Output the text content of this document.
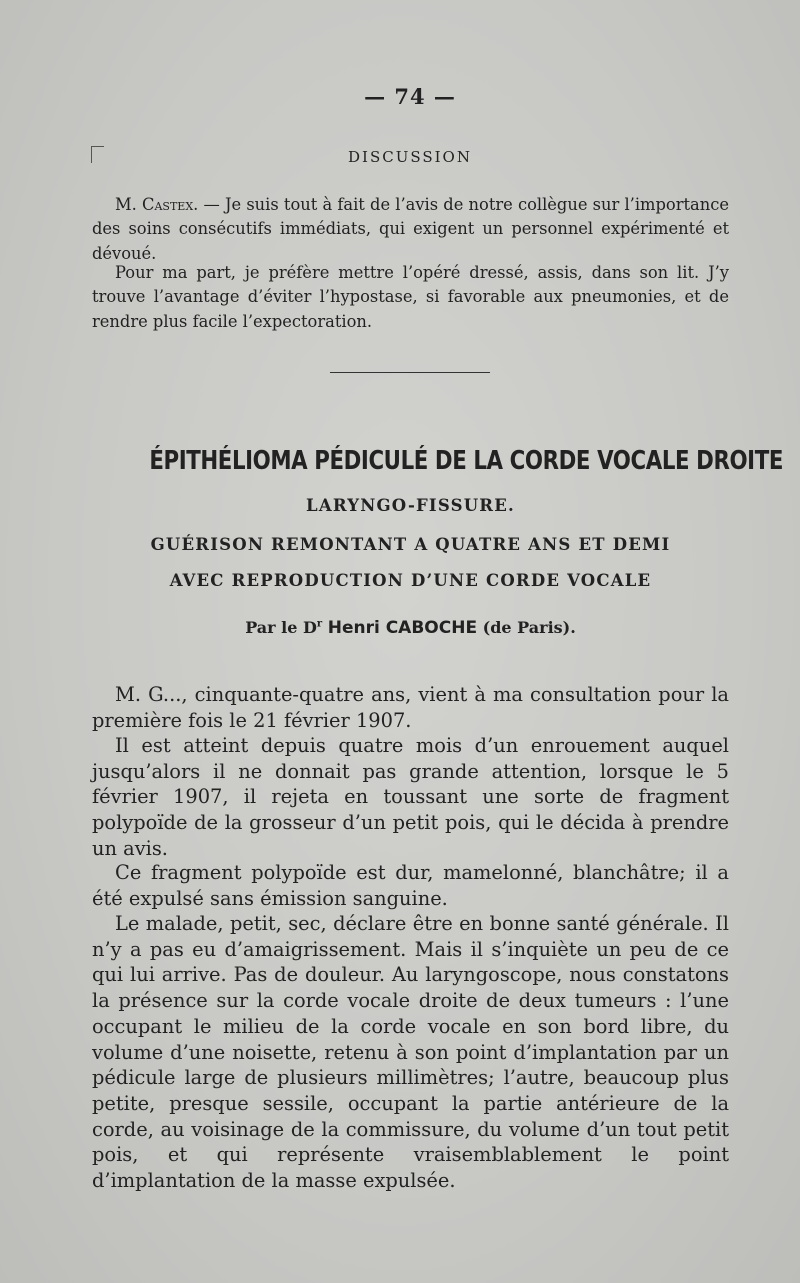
— 74 —
DISCUSSION

M. Castex. — Je suis tout à fait de l’avis de notre collègue sur l’importance des soins consécutifs immédiats, qui exigent un personnel expérimenté et dévoué.

Pour ma part, je préfère mettre l’opéré dressé, assis, dans son lit. J’y trouve l’avantage d’éviter l’hypostase, si favorable aux pneumonies, et de rendre plus facile l’expectoration.

ÉPITHÉLIOMA PÉDICULÉ DE LA CORDE VOCALE DROITE
LARYNGO-FISSURE.
GUÉRISON REMONTANT A QUATRE ANS ET DEMI
AVEC REPRODUCTION D’UNE CORDE VOCALE
Par le $D^r$ Henri CABOCHE (de Paris).

M. G..., cinquante-quatre ans, vient à ma consultation pour la première fois le 21 février 1907.

Il est atteint depuis quatre mois d’un enrouement auquel jusqu’alors il ne donnait pas grande attention, lorsque le 5 février 1907, il rejeta en toussant une sorte de fragment polypoïde de la grosseur d’un petit pois, qui le décida à prendre un avis.

Ce fragment polypoïde est dur, mamelonné, blanchâtre; il a été expulsé sans émission sanguine.

Le malade, petit, sec, déclare être en bonne santé générale. Il n’y a pas eu d’amaigrissement. Mais il s’inquiète un peu de ce qui lui arrive. Pas de douleur. Au laryngoscope, nous constatons la présence sur la corde vocale droite de deux tumeurs : l’une occupant le milieu de la corde vocale en son bord libre, du volume d’une noisette, retenu à son point d’implantation par un pédicule large de plusieurs millimètres; l’autre, beaucoup plus petite, presque sessile, occupant la partie antérieure de la corde, au voisinage de la commissure, du volume d’un tout petit pois, et qui représente vraisemblablement le point d’implantation de la masse expulsée.
